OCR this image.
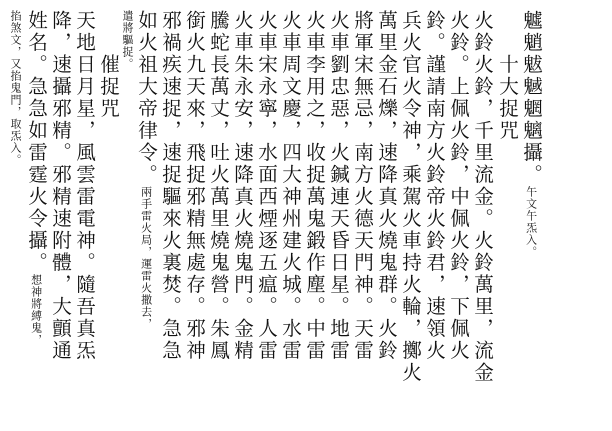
魖魈魃魊魍魑攝。午文午炁入。
　　十大捉咒
火鈴火鈴，千里流金。火鈴萬里，流金
火鈴。上佩火鈴，中佩火鈴，下佩火
鈴。謹請南方火鈴帝火鈴君，速領火
兵火官火令神，乘駕火車持火輪，擲火
萬里金石爍，速降真火燒鬼群。火鈴
將軍宋無忌，南方火德天門神。天雷
火車劉忠惡，火鍼連天昏日星。地雷
火車李用之，收捉萬鬼鍛作塵。中雷
火車周文慶，四大神州建火城。水雷
火車宋永寧，水面西煙逐五瘟。人雷
火車朱永安，速降真火燒鬼門。金精
騰蛇長萬丈，吐火萬里燒鬼營。朱鳳
銜火九天來，飛捉邪精無處存。邪神
邪禍疾速捉，速捉驅來火裏焚。急急
如火祖大帝律令。兩手雷火局，運雷火撒去，
遣將驅捉。
　　催捉咒
天地日月星，風雲雷電神。隨吾真炁
降，速攝邪精。邪精速附體，大顫通
姓名。急急如雷霆火令攝。想神將縛鬼，
掐煞文，又掐鬼門，取炁入。
